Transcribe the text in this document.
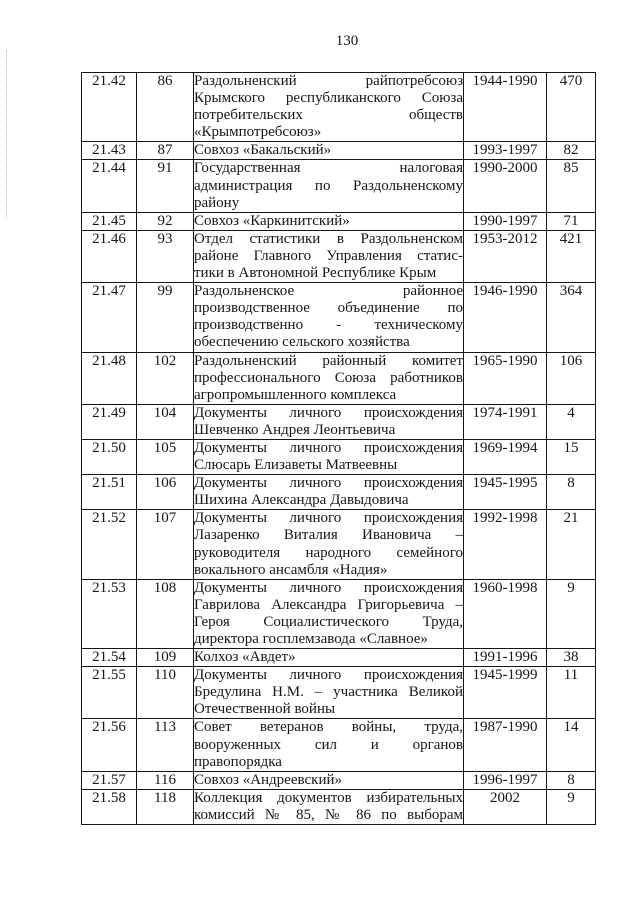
130
21.42	86	Раздольненский райпотребсоюз
Крымского республиканского Союза
потребительских обществ
«Крымпотребсоюз»	1944-1990	470
21.43	87	Совхоз «Бакальский»	1993-1997	82
21.44	91	Государственная налоговая
администрация по Раздольненскому
району	1990-2000	85
21.45	92	Совхоз «Каркинитский»	1990-1997	71
21.46	93	Отдел статистики в Раздольненском
районе Главного Управления статис-
тики в Автономной Республике Крым	1953-2012	421
21.47	99	Раздольненское районное
производственное объединение по
производственно - техническому
обеспечению сельского хозяйства	1946-1990	364
21.48	102	Раздольненский районный комитет
профессионального Союза работников
агропромышленного комплекса	1965-1990	106
21.49	104	Документы личного происхождения
Шевченко Андрея Леонтьевича	1974-1991	4
21.50	105	Документы личного происхождения
Слюсарь Елизаветы Матвеевны	1969-1994	15
21.51	106	Документы личного происхождения
Шихина Александра Давыдовича	1945-1995	8
21.52	107	Документы личного происхождения
Лазаренко Виталия Ивановича –
руководителя народного семейного
вокального ансамбля «Надия»	1992-1998	21
21.53	108	Документы личного происхождения
Гаврилова Александра Григорьевича –
Героя Социалистического Труда,
директора госплемзавода «Славное»	1960-1998	9
21.54	109	Колхоз «Авдет»	1991-1996	38
21.55	110	Документы личного происхождения
Бредулина Н.М. – участника Великой
Отечественной войны	1945-1999	11
21.56	113	Совет ветеранов войны, труда,
вооруженных сил и органов
правопорядка	1987-1990	14
21.57	116	Совхоз «Андреевский»	1996-1997	8
21.58	118	Коллекция документов избирательных
комиссий № 85, № 86 по выборам	2002	9
